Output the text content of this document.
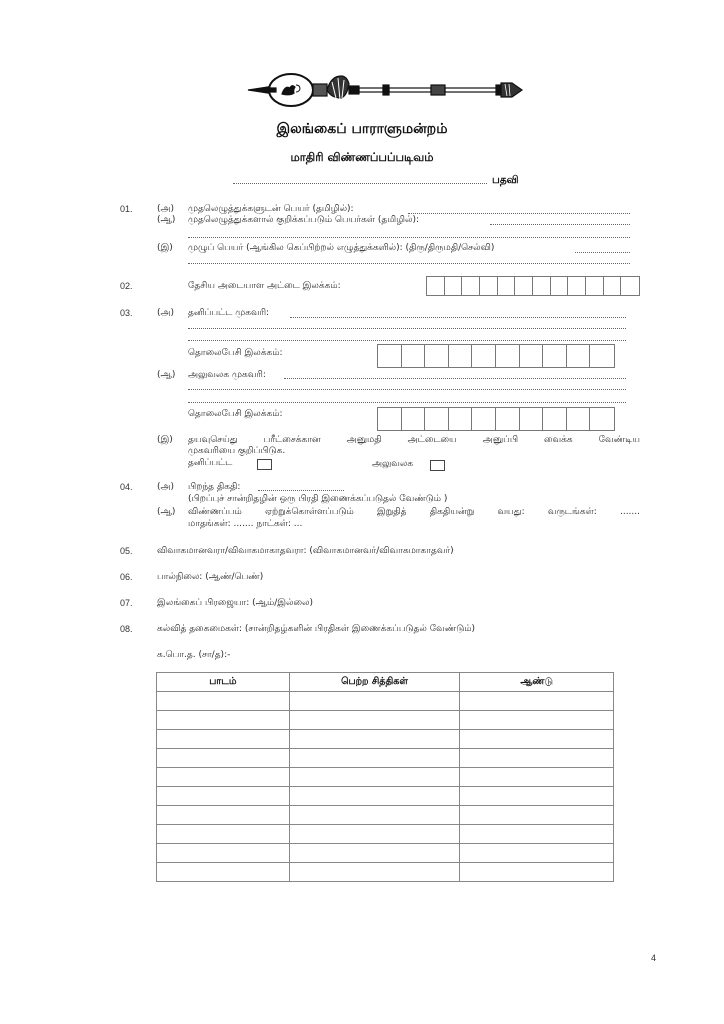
இலங்கைப் பாராளுமன்றம்
மாதிரி விண்ணப்பப்படிவம்
பதவி
01.	(அ) முதலெழுத்துக்களுடன் பெயர் (தமிழில்):
(ஆ) முதலெழுத்துக்களால் குறிக்கப்படும் பெயர்கள் (தமிழில்):
(இ) முழுப் பெயர் (ஆங்கில கெப்பிற்றல் எழுத்துக்களில்): (திரு/திருமதி/செல்வி)
02.	தேசிய அடையாள அட்டை இலக்கம்:
03.	(அ) தனிப்பட்ட முகவரி:
தொலைபேசி இலக்கம்:
(ஆ) அலுவலக முகவரி:
தொலைபேசி இலக்கம்:
(இ) தயவுசெய்து பரீட்சைக்கான அனுமதி அட்டையை அனுப்பி வைக்க வேண்டிய
முகவரியை குறிப்பிடுக.
தனிப்பட்ட	அலுவலக
04.	(அ) பிறந்த திகதி:
(பிறப்புச் சான்றிதழின் ஒரு பிரதி இணைக்கப்படுதல் வேண்டும் )
(ஆ) விண்ணப்பம் ஏற்றுக்கொள்ளப்படும் இறுதித் திகதியன்று வயது: வருடங்கள்: .......
மாதங்கள்: ....... நாட்கள்: ...
05.	விவாகமானவரா/விவாகமாகாதவரா: (விவாகமானவர்/விவாகமாகாதவர்)
06.	பால்நிலை: (ஆண்/பெண்)
07.	இலங்கைப் பிரஜையா: (ஆம்/இல்லை)
08.	கல்வித் தகைமைகள்: (சான்றிதழ்களின் பிரதிகள் இணைக்கப்படுதல் வேண்டும்)
க.பொ.த. (சா/த):-
பாடம்	பெற்ற சித்திகள்	ஆண்டு

4
